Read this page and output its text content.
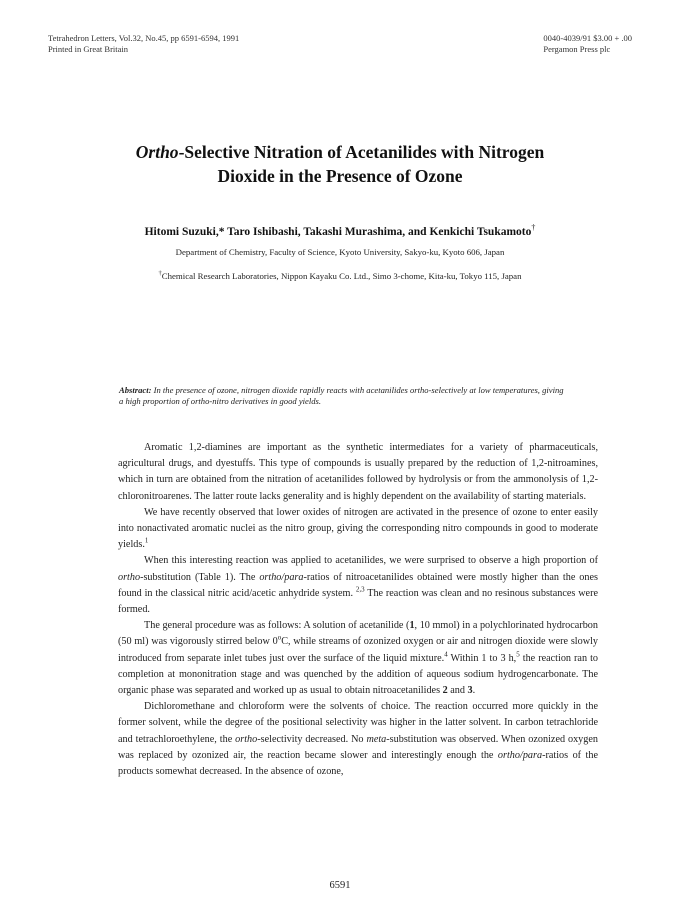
Tetrahedron Letters, Vol.32, No.45, pp 6591-6594, 1991
Printed in Great Britain
0040-4039/91 $3.00 + .00
Pergamon Press plc
Ortho-Selective Nitration of Acetanilides with Nitrogen
Dioxide in the Presence of Ozone
Hitomi Suzuki,* Taro Ishibashi, Takashi Murashima, and Kenkichi Tsukamoto†
Department of Chemistry, Faculty of Science, Kyoto University, Sakyo-ku, Kyoto 606, Japan
†Chemical Research Laboratories, Nippon Kayaku Co. Ltd., Simo 3-chome, Kita-ku, Tokyo 115, Japan
Abstract: In the presence of ozone, nitrogen dioxide rapidly reacts with acetanilides ortho-selectively at low temperatures, giving a high proportion of ortho-nitro derivatives in good yields.

Aromatic 1,2-diamines are important as the synthetic intermediates for a variety of pharmaceuticals, agricultural drugs, and dyestuffs. This type of compounds is usually prepared by the reduction of 1,2-nitroamines, which in turn are obtained from the nitration of acetanilides followed by hydrolysis or from the ammonolysis of 1,2-chloronitroarenes. The latter route lacks generality and is highly dependent on the availability of starting materials.

We have recently observed that lower oxides of nitrogen are activated in the presence of ozone to enter easily into nonactivated aromatic nuclei as the nitro group, giving the corresponding nitro compounds in good to moderate yields.$^1$

When this interesting reaction was applied to acetanilides, we were surprised to observe a high proportion of ortho-substitution (Table 1). The ortho/para-ratios of nitroacetanilides obtained were mostly higher than the ones found in the classical nitric acid/acetic anhydride system. $^{2,3}$ The reaction was clean and no resinous substances were formed.

The general procedure was as follows: A solution of acetanilide (1, 10 mmol) in a polychlorinated hydrocarbon (50 ml) was vigorously stirred below 0$^o$C, while streams of ozonized oxygen or air and nitrogen dioxide were slowly introduced from separate inlet tubes just over the surface of the liquid mixture.$^4$ Within 1 to 3 h,$^5$ the reaction ran to completion at mononitration stage and was quenched by the addition of aqueous sodium hydrogencarbonate. The organic phase was separated and worked up as usual to obtain nitroacetanilides 2 and 3.

Dichloromethane and chloroform were the solvents of choice. The reaction occurred more quickly in the former solvent, while the degree of the positional selectivity was higher in the latter solvent. In carbon tetrachloride and tetrachloroethylene, the ortho-selectivity decreased. No meta-substitution was observed. When ozonized oxygen was replaced by ozonized air, the reaction became slower and interestingly enough the ortho/para-ratios of the products somewhat decreased. In the absence of ozone,

6591
